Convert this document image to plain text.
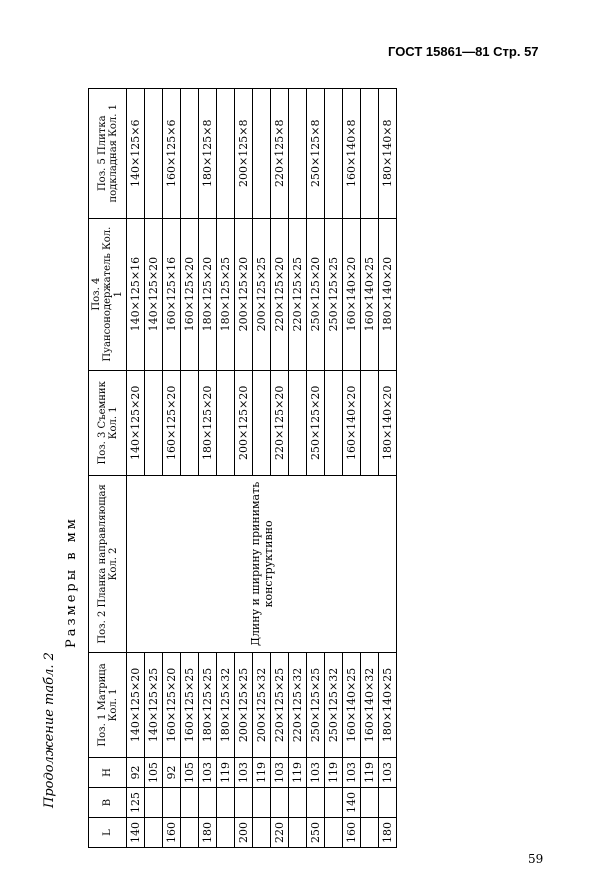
ГОСТ 15861—81 Стр. 57
Продолжение табл. 2
Размеры в мм
L	B	H	Поз. 1 Матрица Кол. 1	Поз. 2 Планка направляющая Кол. 2	Поз. 3 Съемник Кол. 1	Поз. 4 Пуансонодержатель Кол. 1	Поз. 5 Плитка подкладная Кол. 1
140	125	92	140×125×20	Длину и ширину принимать конструктивно	140×125×20	140×125×16	140×125×6
		105	140×125×25			140×125×20	
160		92	160×125×20		160×125×20	160×125×16	160×125×6
		105	160×125×25			160×125×20	
180		103	180×125×25		180×125×20	180×125×20	180×125×8
		119	180×125×32			180×125×25	
200		103	200×125×25		200×125×20	200×125×20	200×125×8
		119	200×125×32			200×125×25	
220		103	220×125×25		220×125×20	220×125×20	220×125×8
		119	220×125×32			220×125×25	
250		103	250×125×25		250×125×20	250×125×20	250×125×8
		119	250×125×32			250×125×25	
160	140	103	160×140×25		160×140×20	160×140×20	160×140×8
		119	160×140×32			160×140×25	
180		103	180×140×25		180×140×20	180×140×20	180×140×8
59
